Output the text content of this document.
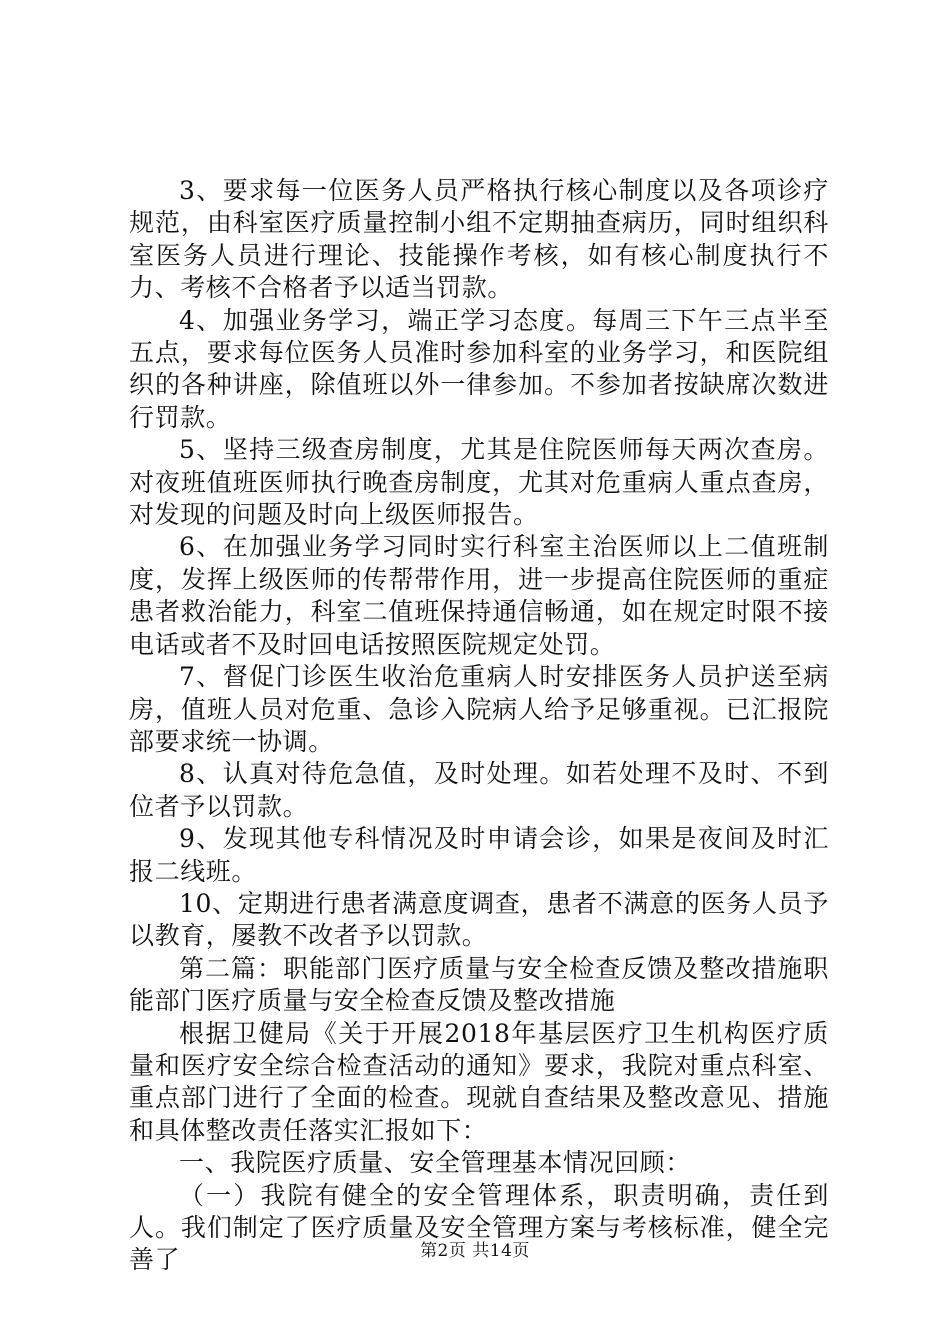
3、要求每一位医务人员严格执行核心制度以及各项诊疗规范，由科室医疗质量控制小组不定期抽查病历，同时组织科室医务人员进行理论、技能操作考核，如有核心制度执行不力、考核不合格者予以适当罚款。

4、加强业务学习，端正学习态度。每周三下午三点半至五点，要求每位医务人员准时参加科室的业务学习，和医院组织的各种讲座，除值班以外一律参加。不参加者按缺席次数进行罚款。

5、坚持三级查房制度，尤其是住院医师每天两次查房。对夜班值班医师执行晚查房制度，尤其对危重病人重点查房，对发现的问题及时向上级医师报告。

6、在加强业务学习同时实行科室主治医师以上二值班制度，发挥上级医师的传帮带作用，进一步提高住院医师的重症患者救治能力，科室二值班保持通信畅通，如在规定时限不接电话或者不及时回电话按照医院规定处罚。

7、督促门诊医生收治危重病人时安排医务人员护送至病房，值班人员对危重、急诊入院病人给予足够重视。已汇报院部要求统一协调。

8、认真对待危急值，及时处理。如若处理不及时、不到位者予以罚款。

9、发现其他专科情况及时申请会诊，如果是夜间及时汇报二线班。

10、定期进行患者满意度调查，患者不满意的医务人员予以教育，屡教不改者予以罚款。

第二篇：职能部门医疗质量与安全检查反馈及整改措施职能部门医疗质量与安全检查反馈及整改措施

根据卫健局《关于开展2018年基层医疗卫生机构医疗质量和医疗安全综合检查活动的通知》要求，我院对重点科室、重点部门进行了全面的检查。现就自查结果及整改意见、措施和具体整改责任落实汇报如下：

一、我院医疗质量、安全管理基本情况回顾：

（一）我院有健全的安全管理体系，职责明确，责任到人。我们制定了医疗质量及安全管理方案与考核标准，健全完善了	第2页 共14页
